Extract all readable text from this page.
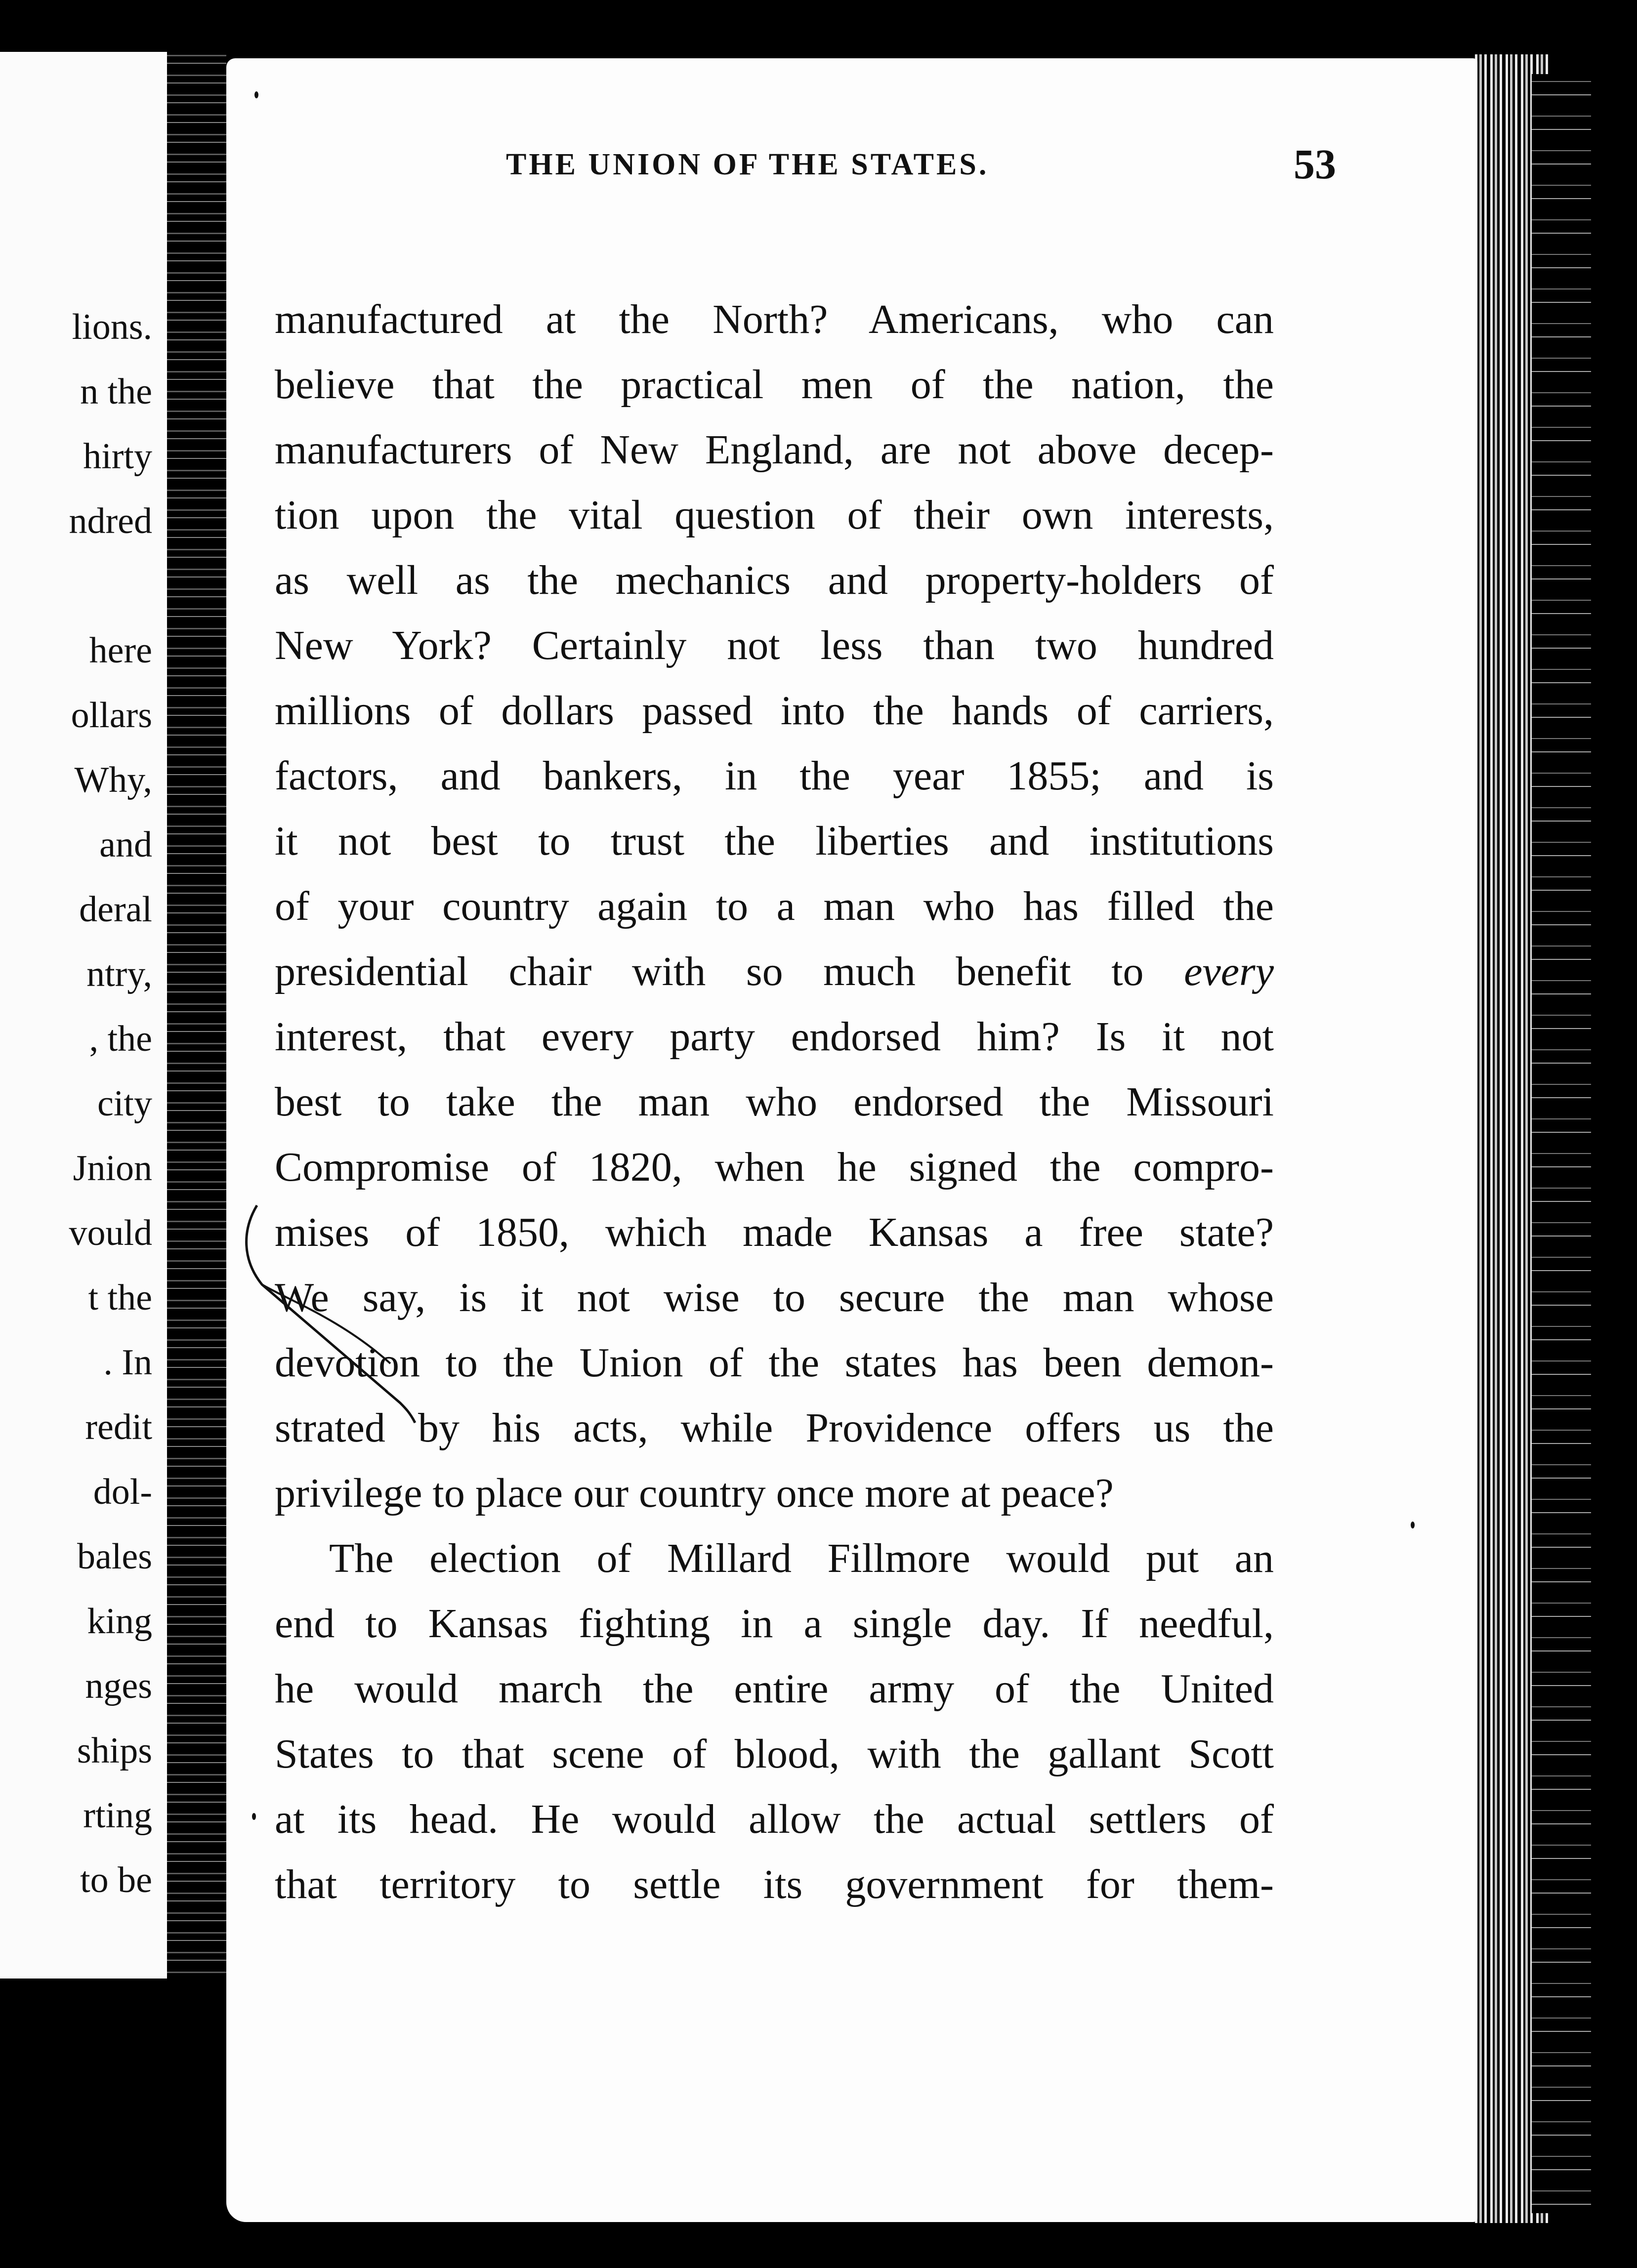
lions.
n the
hirty
ndred
here
ollars
Why,
and
deral
ntry,
, the
city
Jnion
vould
t the
. In
redit
dol-
bales
king
nges
ships
rting
to be
THE UNION OF THE STATES.	53
manufactured at the North? Americans, who can
believe that the practical men of the nation, the
manufacturers of New England, are not above decep-
tion upon the vital question of their own interests,
as well as the mechanics and property-holders of
New York? Certainly not less than two hundred
millions of dollars passed into the hands of carriers,
factors, and bankers, in the year 1855; and is
it not best to trust the liberties and institutions
of your country again to a man who has filled the
presidential chair with so much benefit to every
interest, that every party endorsed him? Is it not
best to take the man who endorsed the Missouri
Compromise of 1820, when he signed the compro-
mises of 1850, which made Kansas a free state?
We say, is it not wise to secure the man whose
devotion to the Union of the states has been demon-
strated by his acts, while Providence offers us the
privilege to place our country once more at peace?
The election of Millard Fillmore would put an
end to Kansas fighting in a single day. If needful,
he would march the entire army of the United
States to that scene of blood, with the gallant Scott
at its head. He would allow the actual settlers of
that territory to settle its government for them-
